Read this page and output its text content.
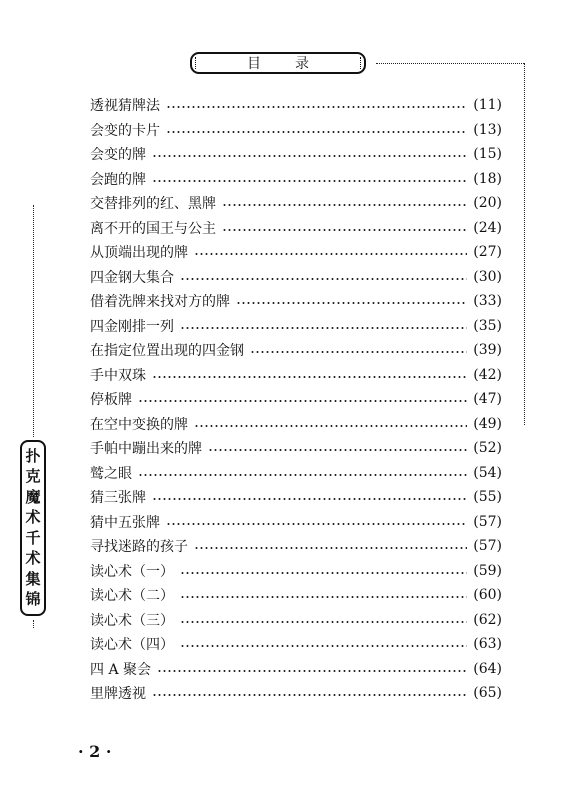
目录
扑
克
魔
术
千
术
集
锦
透视猜牌法	(11)
会变的卡片	(13)
会变的牌	(15)
会跑的牌	(18)
交替排列的红、黑牌	(20)
离不开的国王与公主	(24)
从顶端出现的牌	(27)
四金钢大集合	(30)
借着洗牌来找对方的牌	(33)
四金刚排一列	(35)
在指定位置出现的四金钢	(39)
手中双珠	(42)
停板牌	(47)
在空中变换的牌	(49)
手帕中蹦出来的牌	(52)
鹫之眼	(54)
猜三张牌	(55)
猜中五张牌	(57)
寻找迷路的孩子	(57)
读心术（一）	(59)
读心术（二）	(60)
读心术（三）	(62)
读心术（四）	(63)
四 A 聚会	(64)
里牌透视	(65)
· 2 ·
